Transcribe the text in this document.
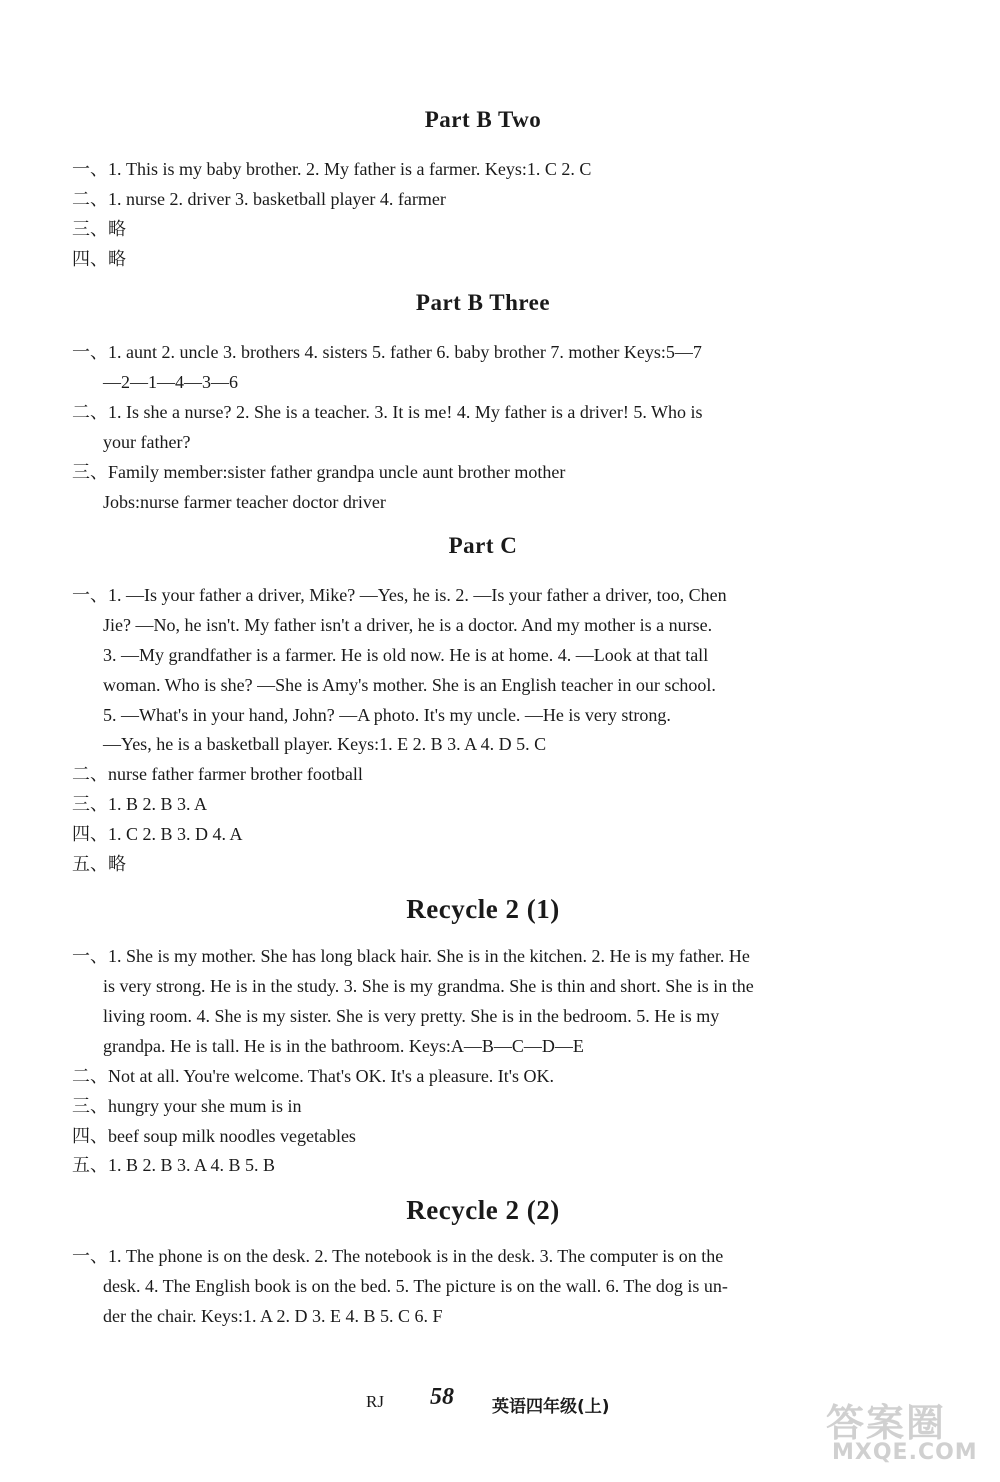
Part B Two
一、1. This is my baby brother. 2. My father is a farmer. Keys:1. C 2. C
二、1. nurse 2. driver 3. basketball player 4. farmer
三、略
四、略
Part B Three
一、1. aunt 2. uncle 3. brothers 4. sisters 5. father 6. baby brother 7. mother Keys:5—7
—2—1—4—3—6
二、1. Is she a nurse? 2. She is a teacher. 3. It is me! 4. My father is a driver! 5. Who is
your father?
三、Family member:sister father grandpa uncle aunt brother mother
Jobs:nurse farmer teacher doctor driver
Part C
一、1. —Is your father a driver, Mike? —Yes, he is. 2. —Is your father a driver, too, Chen
Jie? —No, he isn't. My father isn't a driver, he is a doctor. And my mother is a nurse.
3. —My grandfather is a farmer. He is old now. He is at home. 4. —Look at that tall
woman. Who is she? —She is Amy's mother. She is an English teacher in our school.
5. —What's in your hand, John? —A photo. It's my uncle. —He is very strong.
—Yes, he is a basketball player. Keys:1. E 2. B 3. A 4. D 5. C
二、nurse father farmer brother football
三、1. B 2. B 3. A
四、1. C 2. B 3. D 4. A
五、略
Recycle 2 (1)
一、1. She is my mother. She has long black hair. She is in the kitchen. 2. He is my father. He
is very strong. He is in the study. 3. She is my grandma. She is thin and short. She is in the
living room. 4. She is my sister. She is very pretty. She is in the bedroom. 5. He is my
grandpa. He is tall. He is in the bathroom. Keys:A—B—C—D—E
二、Not at all. You're welcome. That's OK. It's a pleasure. It's OK.
三、hungry your she mum is in
四、beef soup milk noodles vegetables
五、1. B 2. B 3. A 4. B 5. B
Recycle 2 (2)
一、1. The phone is on the desk. 2. The notebook is in the desk. 3. The computer is on the
desk. 4. The English book is on the bed. 5. The picture is on the wall. 6. The dog is un-
der the chair. Keys:1. A 2. D 3. E 4. B 5. C 6. F
RJ 58 英语四年级(上)	答案圈
MXQE.COM
